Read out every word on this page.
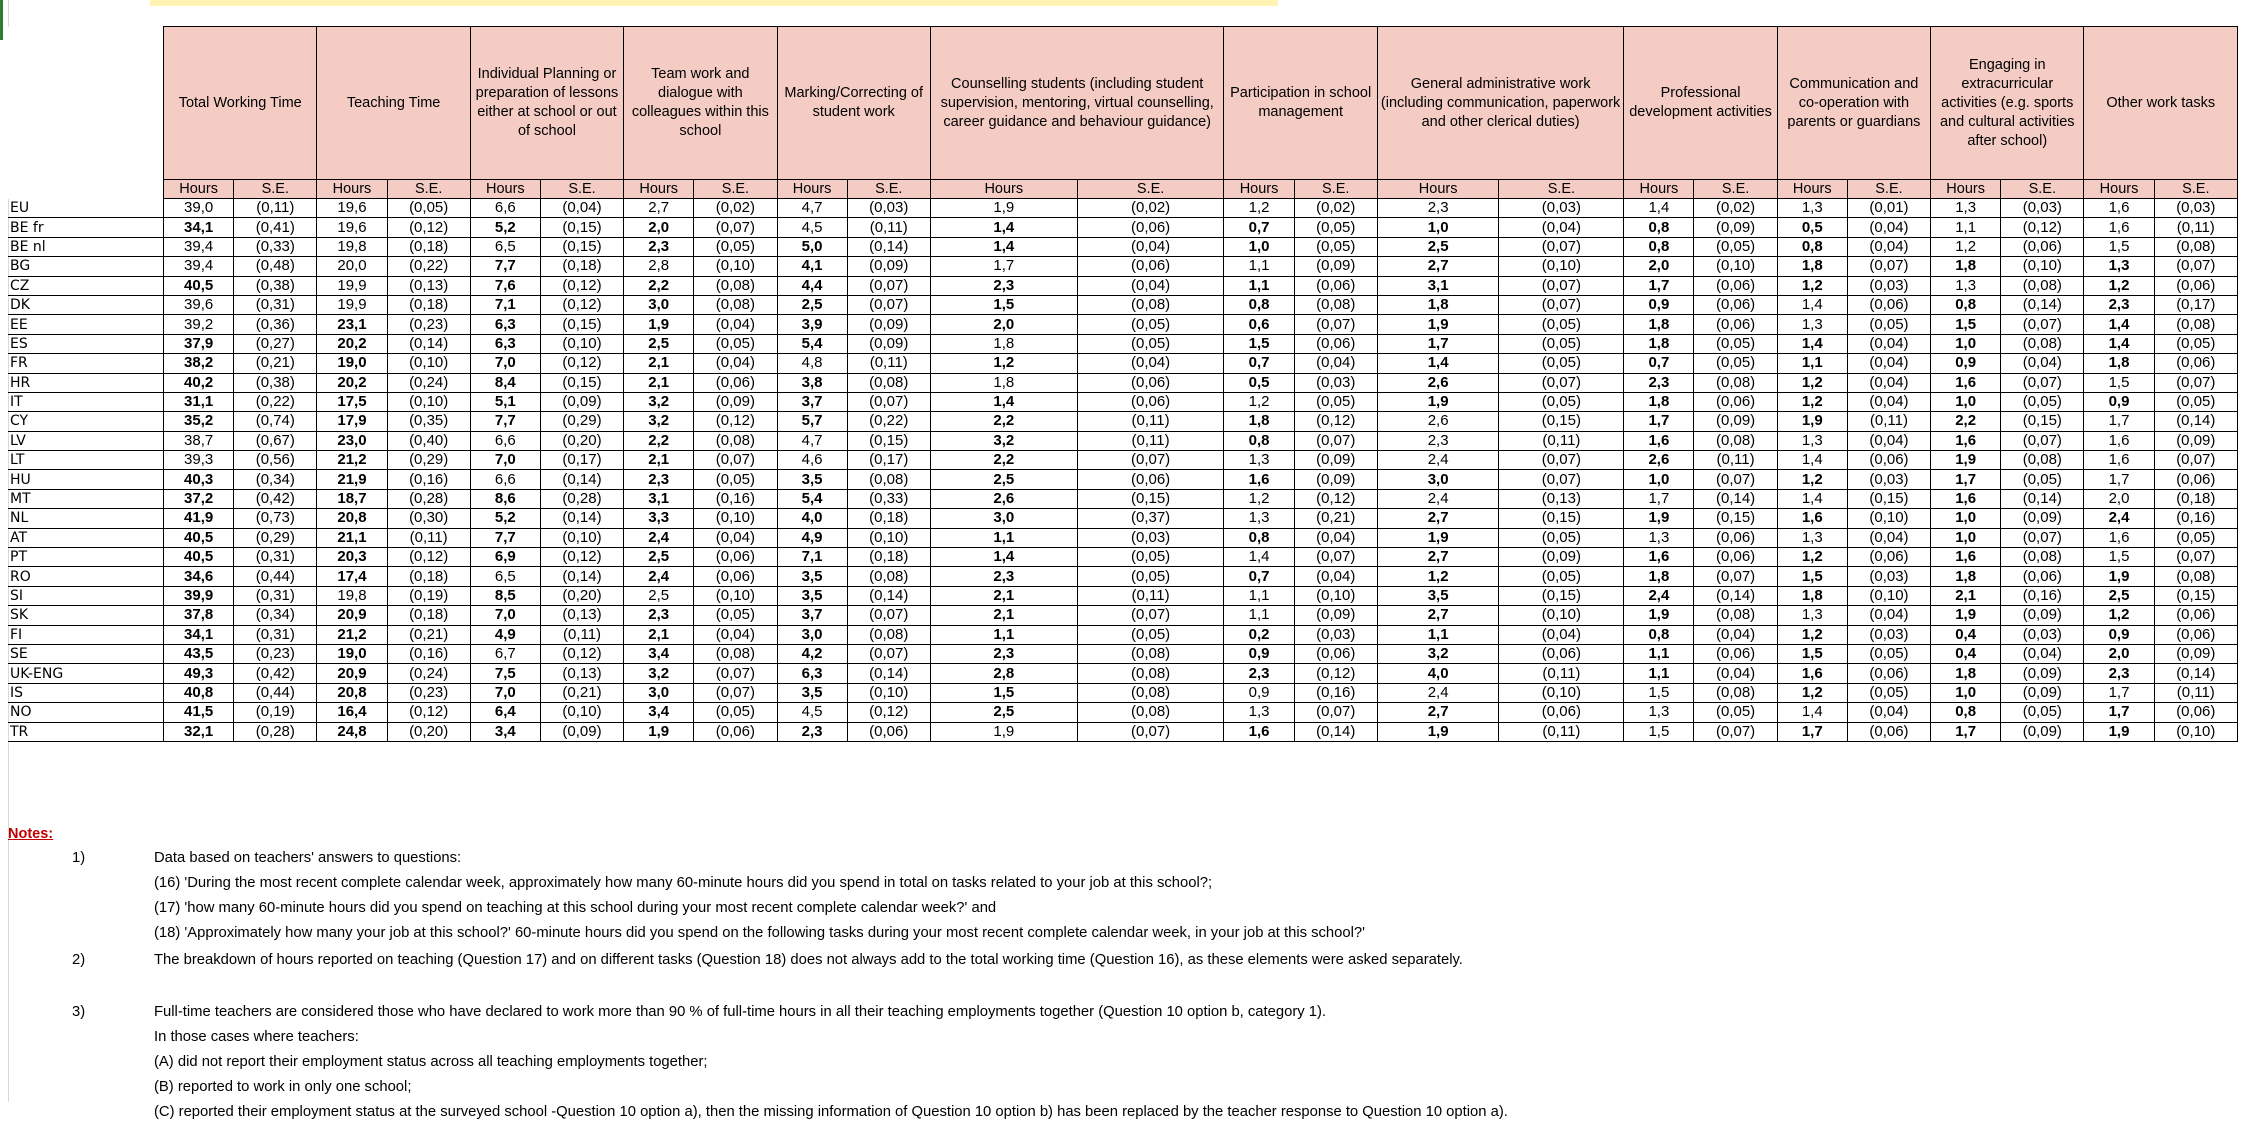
	Total Working Time		Teaching Time		Individual Planning or preparation of lessons either at school or out of school		Team work and dialogue with colleagues within this school		Marking/Correcting of student work		Counselling students (including student supervision, mentoring, virtual counselling, career guidance and behaviour guidance)		Participation in school management		General administrative work (including communication, paperwork and other clerical duties)		Professional development activities		Communication and co-operation with parents or guardians		Engaging in extracurricular activities (e.g. sports and cultural activities after school)		Other work tasks	
	Hours	S.E.	Hours	S.E.	Hours	S.E.	Hours	S.E.	Hours	S.E.	Hours	S.E.	Hours	S.E.	Hours	S.E.	Hours	S.E.	Hours	S.E.	Hours	S.E.	Hours	S.E.
EU	39,0	(0,11)	19,6	(0,05)	6,6	(0,04)	2,7	(0,02)	4,7	(0,03)	1,9	(0,02)	1,2	(0,02)	2,3	(0,03)	1,4	(0,02)	1,3	(0,01)	1,3	(0,03)	1,6	(0,03)
BE fr	34,1	(0,41)	19,6	(0,12)	5,2	(0,15)	2,0	(0,07)	4,5	(0,11)	1,4	(0,06)	0,7	(0,05)	1,0	(0,04)	0,8	(0,09)	0,5	(0,04)	1,1	(0,12)	1,6	(0,11)
BE nl	39,4	(0,33)	19,8	(0,18)	6,5	(0,15)	2,3	(0,05)	5,0	(0,14)	1,4	(0,04)	1,0	(0,05)	2,5	(0,07)	0,8	(0,05)	0,8	(0,04)	1,2	(0,06)	1,5	(0,08)
BG	39,4	(0,48)	20,0	(0,22)	7,7	(0,18)	2,8	(0,10)	4,1	(0,09)	1,7	(0,06)	1,1	(0,09)	2,7	(0,10)	2,0	(0,10)	1,8	(0,07)	1,8	(0,10)	1,3	(0,07)
CZ	40,5	(0,38)	19,9	(0,13)	7,6	(0,12)	2,2	(0,08)	4,4	(0,07)	2,3	(0,04)	1,1	(0,06)	3,1	(0,07)	1,7	(0,06)	1,2	(0,03)	1,3	(0,08)	1,2	(0,06)
DK	39,6	(0,31)	19,9	(0,18)	7,1	(0,12)	3,0	(0,08)	2,5	(0,07)	1,5	(0,08)	0,8	(0,08)	1,8	(0,07)	0,9	(0,06)	1,4	(0,06)	0,8	(0,14)	2,3	(0,17)
EE	39,2	(0,36)	23,1	(0,23)	6,3	(0,15)	1,9	(0,04)	3,9	(0,09)	2,0	(0,05)	0,6	(0,07)	1,9	(0,05)	1,8	(0,06)	1,3	(0,05)	1,5	(0,07)	1,4	(0,08)
ES	37,9	(0,27)	20,2	(0,14)	6,3	(0,10)	2,5	(0,05)	5,4	(0,09)	1,8	(0,05)	1,5	(0,06)	1,7	(0,05)	1,8	(0,05)	1,4	(0,04)	1,0	(0,08)	1,4	(0,05)
FR	38,2	(0,21)	19,0	(0,10)	7,0	(0,12)	2,1	(0,04)	4,8	(0,11)	1,2	(0,04)	0,7	(0,04)	1,4	(0,05)	0,7	(0,05)	1,1	(0,04)	0,9	(0,04)	1,8	(0,06)
HR	40,2	(0,38)	20,2	(0,24)	8,4	(0,15)	2,1	(0,06)	3,8	(0,08)	1,8	(0,06)	0,5	(0,03)	2,6	(0,07)	2,3	(0,08)	1,2	(0,04)	1,6	(0,07)	1,5	(0,07)
IT	31,1	(0,22)	17,5	(0,10)	5,1	(0,09)	3,2	(0,09)	3,7	(0,07)	1,4	(0,06)	1,2	(0,05)	1,9	(0,05)	1,8	(0,06)	1,2	(0,04)	1,0	(0,05)	0,9	(0,05)
CY	35,2	(0,74)	17,9	(0,35)	7,7	(0,29)	3,2	(0,12)	5,7	(0,22)	2,2	(0,11)	1,8	(0,12)	2,6	(0,15)	1,7	(0,09)	1,9	(0,11)	2,2	(0,15)	1,7	(0,14)
LV	38,7	(0,67)	23,0	(0,40)	6,6	(0,20)	2,2	(0,08)	4,7	(0,15)	3,2	(0,11)	0,8	(0,07)	2,3	(0,11)	1,6	(0,08)	1,3	(0,04)	1,6	(0,07)	1,6	(0,09)
LT	39,3	(0,56)	21,2	(0,29)	7,0	(0,17)	2,1	(0,07)	4,6	(0,17)	2,2	(0,07)	1,3	(0,09)	2,4	(0,07)	2,6	(0,11)	1,4	(0,06)	1,9	(0,08)	1,6	(0,07)
HU	40,3	(0,34)	21,9	(0,16)	6,6	(0,14)	2,3	(0,05)	3,5	(0,08)	2,5	(0,06)	1,6	(0,09)	3,0	(0,07)	1,0	(0,07)	1,2	(0,03)	1,7	(0,05)	1,7	(0,06)
MT	37,2	(0,42)	18,7	(0,28)	8,6	(0,28)	3,1	(0,16)	5,4	(0,33)	2,6	(0,15)	1,2	(0,12)	2,4	(0,13)	1,7	(0,14)	1,4	(0,15)	1,6	(0,14)	2,0	(0,18)
NL	41,9	(0,73)	20,8	(0,30)	5,2	(0,14)	3,3	(0,10)	4,0	(0,18)	3,0	(0,37)	1,3	(0,21)	2,7	(0,15)	1,9	(0,15)	1,6	(0,10)	1,0	(0,09)	2,4	(0,16)
AT	40,5	(0,29)	21,1	(0,11)	7,7	(0,10)	2,4	(0,04)	4,9	(0,10)	1,1	(0,03)	0,8	(0,04)	1,9	(0,05)	1,3	(0,06)	1,3	(0,04)	1,0	(0,07)	1,6	(0,05)
PT	40,5	(0,31)	20,3	(0,12)	6,9	(0,12)	2,5	(0,06)	7,1	(0,18)	1,4	(0,05)	1,4	(0,07)	2,7	(0,09)	1,6	(0,06)	1,2	(0,06)	1,6	(0,08)	1,5	(0,07)
RO	34,6	(0,44)	17,4	(0,18)	6,5	(0,14)	2,4	(0,06)	3,5	(0,08)	2,3	(0,05)	0,7	(0,04)	1,2	(0,05)	1,8	(0,07)	1,5	(0,03)	1,8	(0,06)	1,9	(0,08)
SI	39,9	(0,31)	19,8	(0,19)	8,5	(0,20)	2,5	(0,10)	3,5	(0,14)	2,1	(0,11)	1,1	(0,10)	3,5	(0,15)	2,4	(0,14)	1,8	(0,10)	2,1	(0,16)	2,5	(0,15)
SK	37,8	(0,34)	20,9	(0,18)	7,0	(0,13)	2,3	(0,05)	3,7	(0,07)	2,1	(0,07)	1,1	(0,09)	2,7	(0,10)	1,9	(0,08)	1,3	(0,04)	1,9	(0,09)	1,2	(0,06)
FI	34,1	(0,31)	21,2	(0,21)	4,9	(0,11)	2,1	(0,04)	3,0	(0,08)	1,1	(0,05)	0,2	(0,03)	1,1	(0,04)	0,8	(0,04)	1,2	(0,03)	0,4	(0,03)	0,9	(0,06)
SE	43,5	(0,23)	19,0	(0,16)	6,7	(0,12)	3,4	(0,08)	4,2	(0,07)	2,3	(0,08)	0,9	(0,06)	3,2	(0,06)	1,1	(0,06)	1,5	(0,05)	0,4	(0,04)	2,0	(0,09)
UK-ENG	49,3	(0,42)	20,9	(0,24)	7,5	(0,13)	3,2	(0,07)	6,3	(0,14)	2,8	(0,08)	2,3	(0,12)	4,0	(0,11)	1,1	(0,04)	1,6	(0,06)	1,8	(0,09)	2,3	(0,14)
IS	40,8	(0,44)	20,8	(0,23)	7,0	(0,21)	3,0	(0,07)	3,5	(0,10)	1,5	(0,08)	0,9	(0,16)	2,4	(0,10)	1,5	(0,08)	1,2	(0,05)	1,0	(0,09)	1,7	(0,11)
NO	41,5	(0,19)	16,4	(0,12)	6,4	(0,10)	3,4	(0,05)	4,5	(0,12)	2,5	(0,08)	1,3	(0,07)	2,7	(0,06)	1,3	(0,05)	1,4	(0,04)	0,8	(0,05)	1,7	(0,06)
TR	32,1	(0,28)	24,8	(0,20)	3,4	(0,09)	1,9	(0,06)	2,3	(0,06)	1,9	(0,07)	1,6	(0,14)	1,9	(0,11)	1,5	(0,07)	1,7	(0,06)	1,7	(0,09)	1,9	(0,10)
Notes:
1)	Data based on teachers' answers to questions:
(16) 'During the most recent complete calendar week, approximately how many 60-minute hours did you spend in total on tasks related to your job at this school?;
(17) 'how many 60-minute hours did you spend on teaching at this school during your most recent complete calendar week?' and
(18) 'Approximately how many your job at this school?' 60-minute hours did you spend on the following tasks during your most recent complete calendar week, in your job at this school?'
2)	The breakdown of hours reported on teaching (Question 17) and on different tasks (Question 18) does not always add to the total working time (Question 16), as these elements were asked separately.
3)	Full-time teachers are considered those who have declared to work more than 90 % of full-time hours in all their teaching employments together (Question 10 option b, category 1).
In those cases where teachers:
(A) did not report their employment status across all teaching employments together;
(B) reported to work in only one school;
(C) reported their employment status at the surveyed school -Question 10 option a), then the missing information of Question 10 option b) has been replaced by the teacher response to Question 10 option a).
